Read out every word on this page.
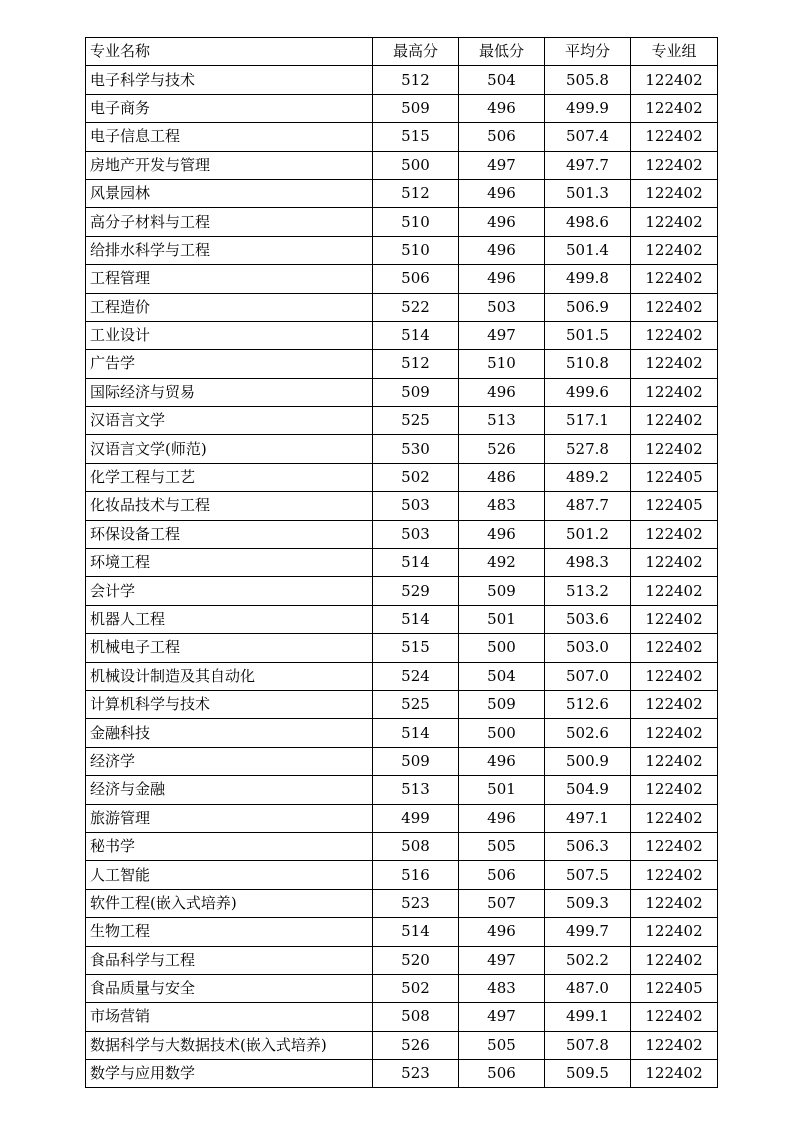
专业名称	最高分	最低分	平均分	专业组
电子科学与技术	512	504	505.8	122402
电子商务	509	496	499.9	122402
电子信息工程	515	506	507.4	122402
房地产开发与管理	500	497	497.7	122402
风景园林	512	496	501.3	122402
高分子材料与工程	510	496	498.6	122402
给排水科学与工程	510	496	501.4	122402
工程管理	506	496	499.8	122402
工程造价	522	503	506.9	122402
工业设计	514	497	501.5	122402
广告学	512	510	510.8	122402
国际经济与贸易	509	496	499.6	122402
汉语言文学	525	513	517.1	122402
汉语言文学(师范)	530	526	527.8	122402
化学工程与工艺	502	486	489.2	122405
化妆品技术与工程	503	483	487.7	122405
环保设备工程	503	496	501.2	122402
环境工程	514	492	498.3	122402
会计学	529	509	513.2	122402
机器人工程	514	501	503.6	122402
机械电子工程	515	500	503.0	122402
机械设计制造及其自动化	524	504	507.0	122402
计算机科学与技术	525	509	512.6	122402
金融科技	514	500	502.6	122402
经济学	509	496	500.9	122402
经济与金融	513	501	504.9	122402
旅游管理	499	496	497.1	122402
秘书学	508	505	506.3	122402
人工智能	516	506	507.5	122402
软件工程(嵌入式培养)	523	507	509.3	122402
生物工程	514	496	499.7	122402
食品科学与工程	520	497	502.2	122402
食品质量与安全	502	483	487.0	122405
市场营销	508	497	499.1	122402
数据科学与大数据技术(嵌入式培养)	526	505	507.8	122402
数学与应用数学	523	506	509.5	122402
